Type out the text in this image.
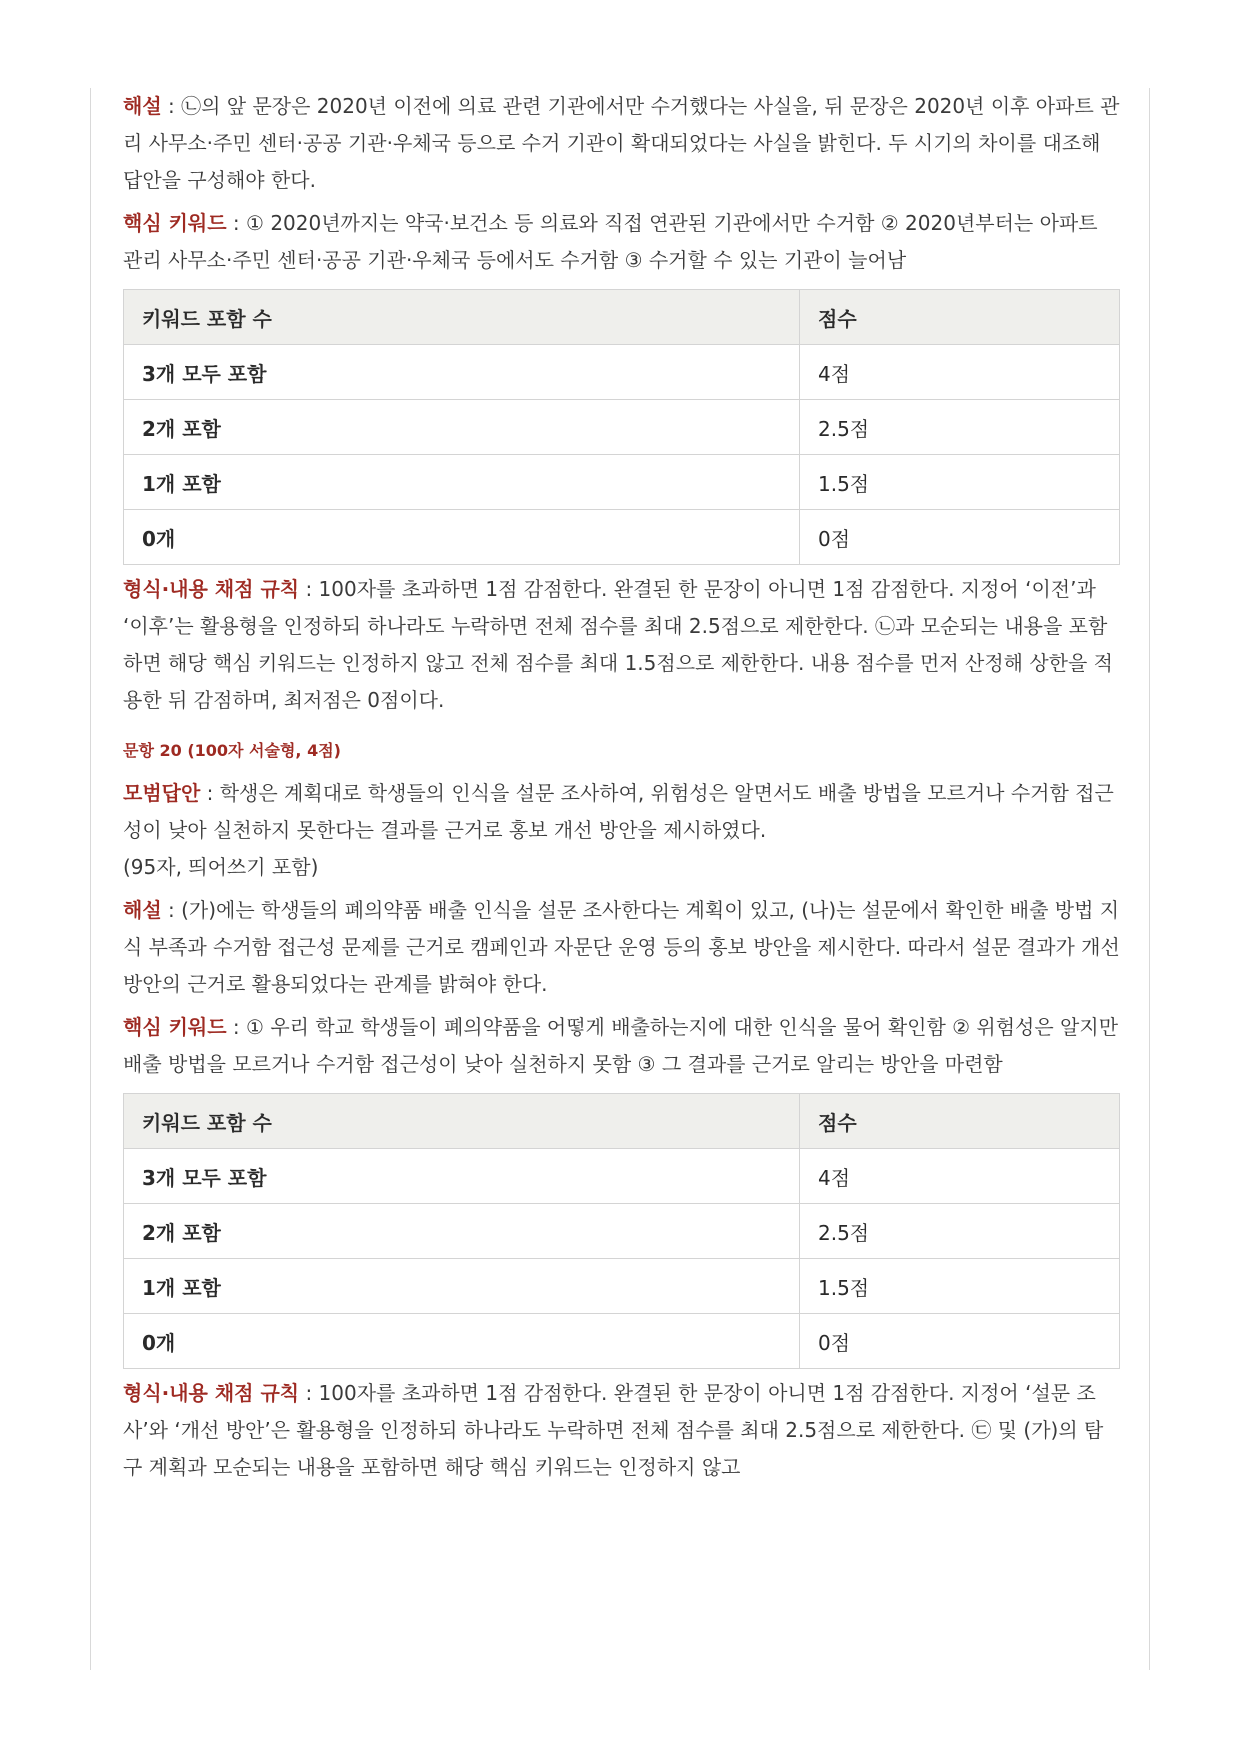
해설 : ㉡의 앞 문장은 2020년 이전에 의료 관련 기관에서만 수거했다는 사실을, 뒤 문장은 2020년 이후 아파트 관리 사무소·주민 센터·공공 기관·우체국 등으로 수거 기관이 확대되었다는 사실을 밝힌다. 두 시기의 차이를 대조해 답안을 구성해야 한다.

핵심 키워드 : ① 2020년까지는 약국·보건소 등 의료와 직접 연관된 기관에서만 수거함 ② 2020년부터는 아파트 관리 사무소·주민 센터·공공 기관·우체국 등에서도 수거함 ③ 수거할 수 있는 기관이 늘어남

키워드 포함 수	점수
3개 모두 포함	4점
2개 포함	2.5점
1개 포함	1.5점
0개	0점

형식·내용 채점 규칙 : 100자를 초과하면 1점 감점한다. 완결된 한 문장이 아니면 1점 감점한다. 지정어 ‘이전’과 ‘이후’는 활용형을 인정하되 하나라도 누락하면 전체 점수를 최대 2.5점으로 제한한다. ㉡과 모순되는 내용을 포함하면 해당 핵심 키워드는 인정하지 않고 전체 점수를 최대 1.5점으로 제한한다. 내용 점수를 먼저 산정해 상한을 적용한 뒤 감점하며, 최저점은 0점이다.

문항 20 (100자 서술형, 4점)

모범답안 : 학생은 계획대로 학생들의 인식을 설문 조사하여, 위험성은 알면서도 배출 방법을 모르거나 수거함 접근성이 낮아 실천하지 못한다는 결과를 근거로 홍보 개선 방안을 제시하였다.

(95자, 띄어쓰기 포함)

해설 : (가)에는 학생들의 폐의약품 배출 인식을 설문 조사한다는 계획이 있고, (나)는 설문에서 확인한 배출 방법 지식 부족과 수거함 접근성 문제를 근거로 캠페인과 자문단 운영 등의 홍보 방안을 제시한다. 따라서 설문 결과가 개선 방안의 근거로 활용되었다는 관계를 밝혀야 한다.

핵심 키워드 : ① 우리 학교 학생들이 폐의약품을 어떻게 배출하는지에 대한 인식을 물어 확인함 ② 위험성은 알지만 배출 방법을 모르거나 수거함 접근성이 낮아 실천하지 못함 ③ 그 결과를 근거로 알리는 방안을 마련함

키워드 포함 수	점수
3개 모두 포함	4점
2개 포함	2.5점
1개 포함	1.5점
0개	0점

형식·내용 채점 규칙 : 100자를 초과하면 1점 감점한다. 완결된 한 문장이 아니면 1점 감점한다. 지정어 ‘설문 조사’와 ‘개선 방안’은 활용형을 인정하되 하나라도 누락하면 전체 점수를 최대 2.5점으로 제한한다. ㉢ 및 (가)의 탐구 계획과 모순되는 내용을 포함하면 해당 핵심 키워드는 인정하지 않고
